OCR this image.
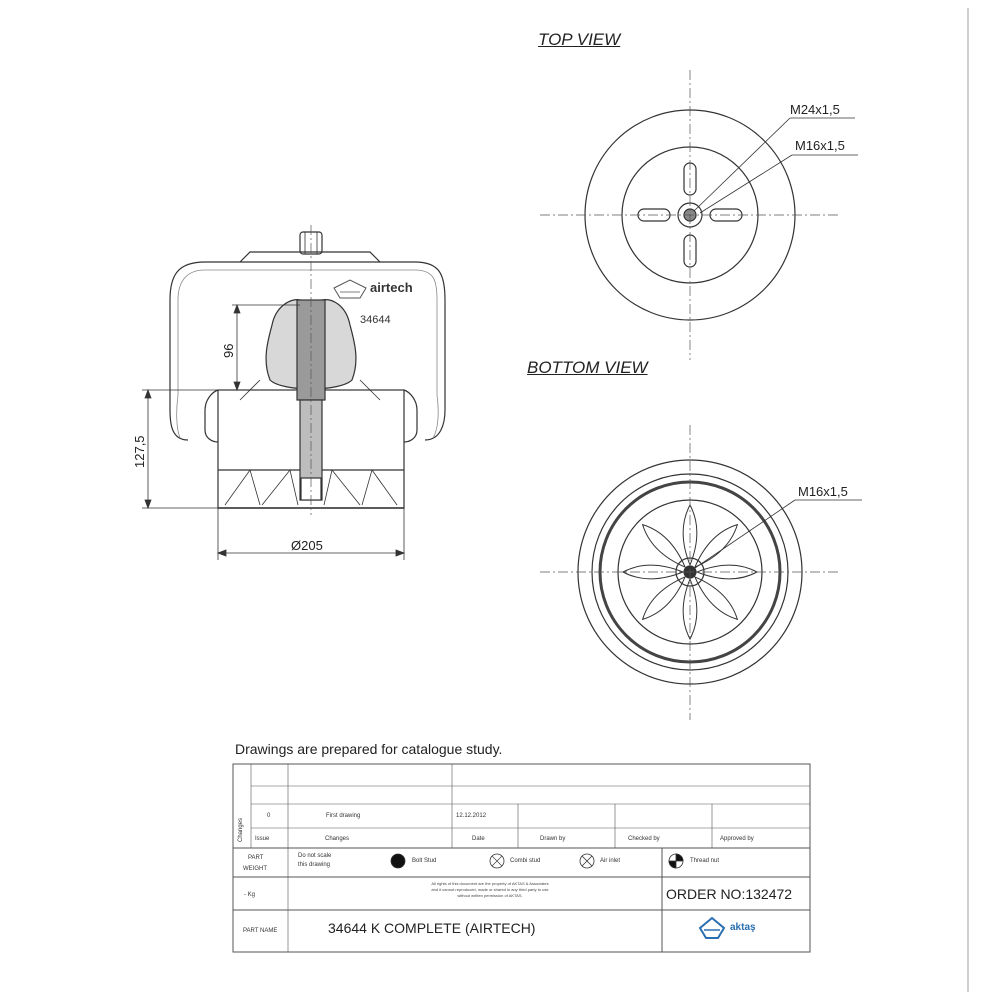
TOP VIEW
BOTTOM VIEW
airtech
34644
96
127,5
Ø205
M24x1,5
M16x1,5
M16x1,5
Drawings are prepared for catalogue study.
Changes
0	First drawing	12.12.2012
Issue	Changes	Date	Drawn by	Checked by	Approved by
PART
WEIGHT
- Kg
Do not scale
this drawing
Bolt Stud	Combi stud	Air inlet	Thread nut
All rights of this document are the property of AKTAS & Associates
and it cannot reproduced, made or shared in any third party to use
without written permission of AKTAS.	ORDER NO:132472
PART NAME	34644 K COMPLETE (AIRTECH)	aktaş
